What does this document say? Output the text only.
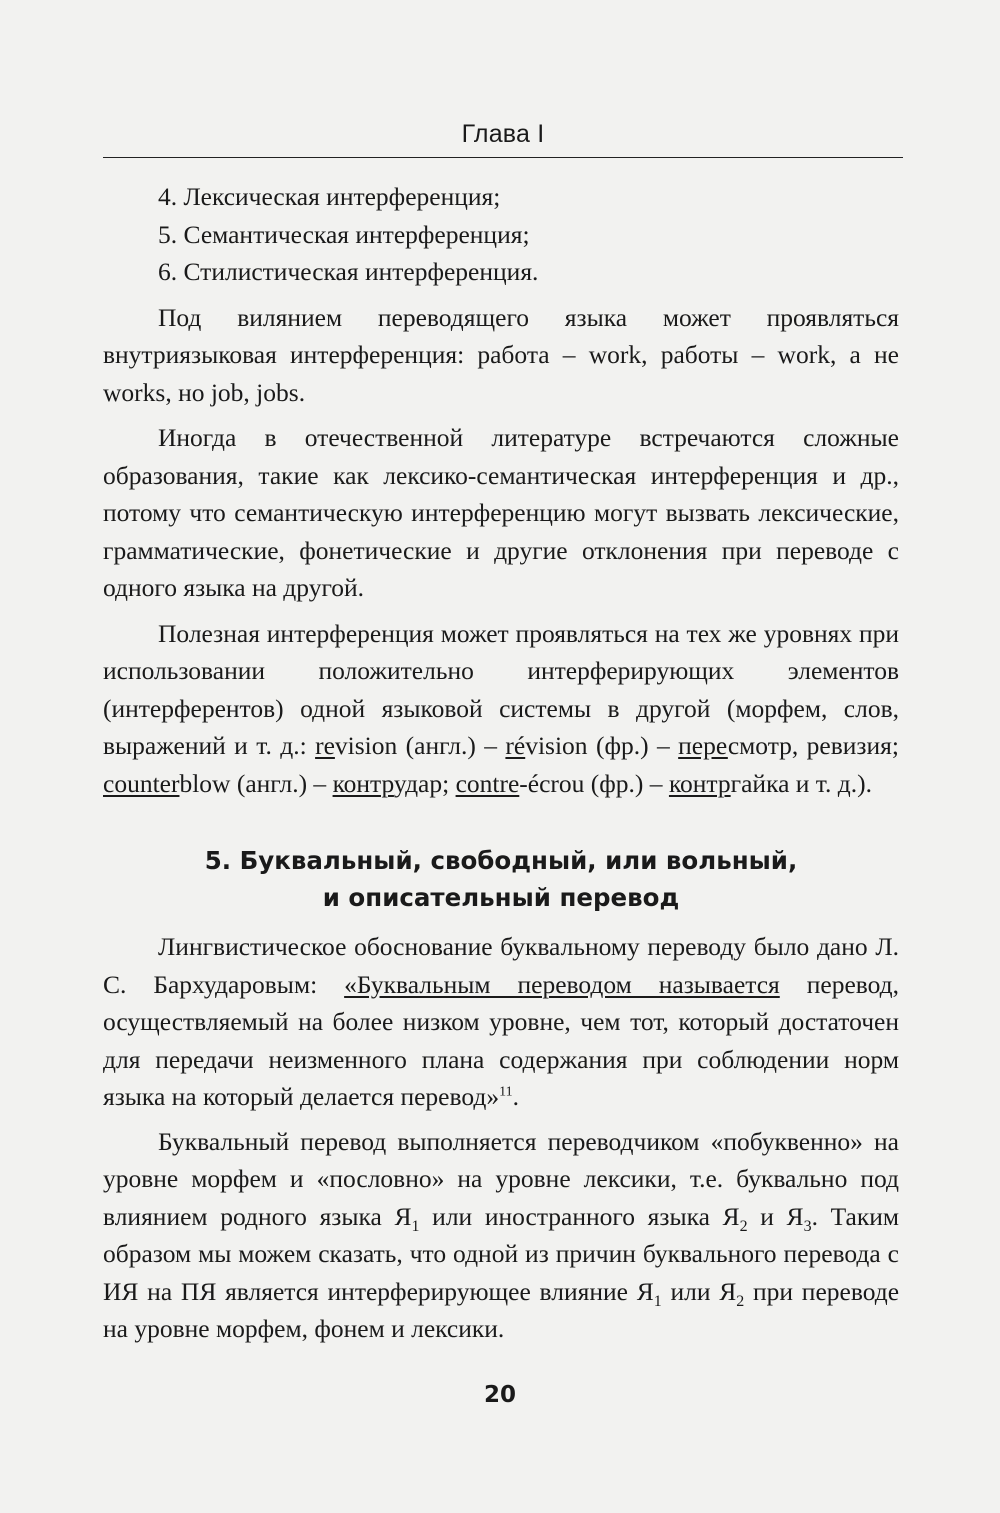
Глава I

4. Лексическая интерференция;

5. Семантическая интерференция;

6. Стилистическая интерференция.

Под вилянием переводящего языка может проявляться внутриязыковая интерференция: работа – work, работы – work, а не works, но job, jobs.

Иногда в отечественной литературе встречаются сложные образования, такие как лексико-семантическая интерференция и др., потому что семантическую интерференцию могут вызвать лексические, грамматические, фонетические и другие отклонения при переводе с одного языка на другой.

Полезная интерференция может проявляться на тех же уровнях при использовании положительно интерферирующих элементов (интерферентов) одной языковой системы в другой (морфем, слов, выражений и т. д.: revision (англ.) – révision (фр.) – пересмотр, ревизия; counterblow (англ.) – контрудар; contre-écrou (фр.) – контргайка и т. д.).

5. Буквальный, свободный, или вольный,
и описательный перевод

Лингвистическое обоснование буквальному переводу было дано Л. С. Бархударовым: «Буквальным переводом называется перевод, осуществляемый на более низком уровне, чем тот, который достаточен для передачи неизменного плана содержания при соблюдении норм языка на который делается перевод»$^{11}$.

Буквальный перевод выполняется переводчиком «побуквенно» на уровне морфем и «пословно» на уровне лексики, т.е. буквально под влиянием родного языка $Я_1$ или иностранного языка $Я_2$ и $Я_3$. Таким образом мы можем сказать, что одной из причин буквального перевода с ИЯ на ПЯ является интерферирующее влияние $Я_1$ или $Я_2$ при переводе на уровне морфем, фонем и лексики.

20
